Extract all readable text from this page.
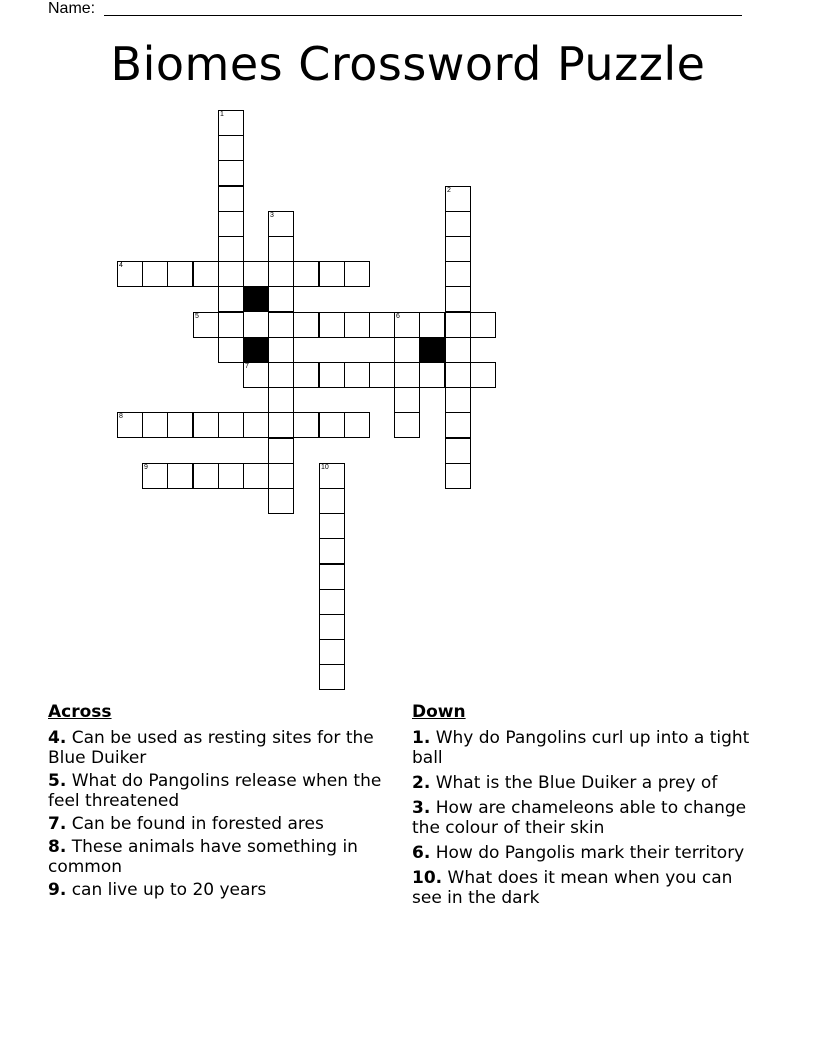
Name:
Biomes Crossword Puzzle
1
2
3
4
5	6
7
8
9	10
Across
4. Can be used as resting sites for the Blue Duiker
5. What do Pangolins release when the feel threatened
7. Can be found in forested ares
8. These animals have something in common
9. can live up to 20 years
Down
1. Why do Pangolins curl up into a tight ball
2. What is the Blue Duiker a prey of
3. How are chameleons able to change the colour of their skin
6. How do Pangolis mark their territory
10. What does it mean when you can see in the dark
